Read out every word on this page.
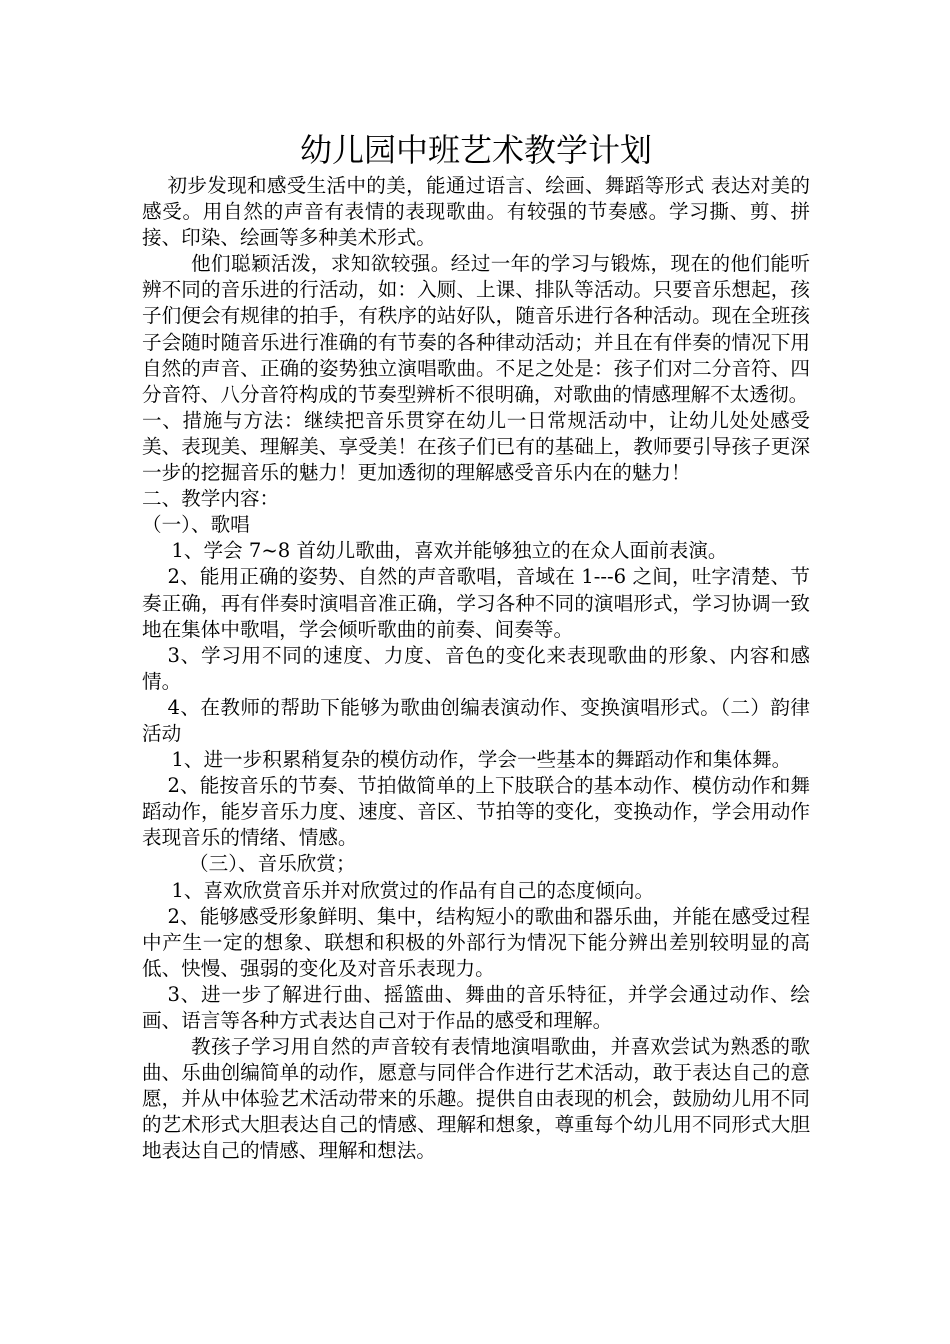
幼儿园中班艺术教学计划

初步发现和感受生活中的美，能通过语言、绘画、舞蹈等形式 表达对美的感受。用自然的声音有表情的表现歌曲。有较强的节奏感。学习撕、剪、拼接、印染、绘画等多种美术形式。

他们聪颖活泼，求知欲较强。经过一年的学习与锻炼，现在的他们能听辨不同的音乐进的行活动，如：入厕、上课、排队等活动。只要音乐想起，孩子们便会有规律的拍手，有秩序的站好队，随音乐进行各种活动。现在全班孩子会随时随音乐进行准确的有节奏的各种律动活动；并且在有伴奏的情况下用自然的声音、正确的姿势独立演唱歌曲。不足之处是：孩子们对二分音符、四分音符、八分音符构成的节奏型辨析不很明确，对歌曲的情感理解不太透彻。

一、措施与方法：继续把音乐贯穿在幼儿一日常规活动中，让幼儿处处感受美、表现美、理解美、享受美！在孩子们已有的基础上，教师要引导孩子更深一步的挖掘音乐的魅力！更加透彻的理解感受音乐内在的魅力！

二、教学内容：

（一）、歌唱

1、学会 7~8 首幼儿歌曲，喜欢并能够独立的在众人面前表演。

2、能用正确的姿势、自然的声音歌唱，音域在 1---6 之间，吐字清楚、节奏正确，再有伴奏时演唱音准正确，学习各种不同的演唱形式，学习协调一致地在集体中歌唱，学会倾听歌曲的前奏、间奏等。

3、学习用不同的速度、力度、音色的变化来表现歌曲的形象、内容和感情。

4、在教师的帮助下能够为歌曲创编表演动作、变换演唱形式。（二）韵律活动

1、进一步积累稍复杂的模仿动作，学会一些基本的舞蹈动作和集体舞。

2、能按音乐的节奏、节拍做简单的上下肢联合的基本动作、模仿动作和舞蹈动作，能岁音乐力度、速度、音区、节拍等的变化，变换动作，学会用动作表现音乐的情绪、情感。

（三）、音乐欣赏；

1、喜欢欣赏音乐并对欣赏过的作品有自己的态度倾向。

2、能够感受形象鲜明、集中，结构短小的歌曲和器乐曲，并能在感受过程中产生一定的想象、联想和积极的外部行为情况下能分辨出差别较明显的高低、快慢、强弱的变化及对音乐表现力。

3、进一步了解进行曲、摇篮曲、舞曲的音乐特征，并学会通过动作、绘画、语言等各种方式表达自己对于作品的感受和理解。

教孩子学习用自然的声音较有表情地演唱歌曲，并喜欢尝试为熟悉的歌曲、乐曲创编简单的动作，愿意与同伴合作进行艺术活动，敢于表达自己的意愿，并从中体验艺术活动带来的乐趣。提供自由表现的机会，鼓励幼儿用不同的艺术形式大胆表达自己的情感、理解和想象，尊重每个幼儿用不同形式大胆地表达自己的情感、理解和想法。
